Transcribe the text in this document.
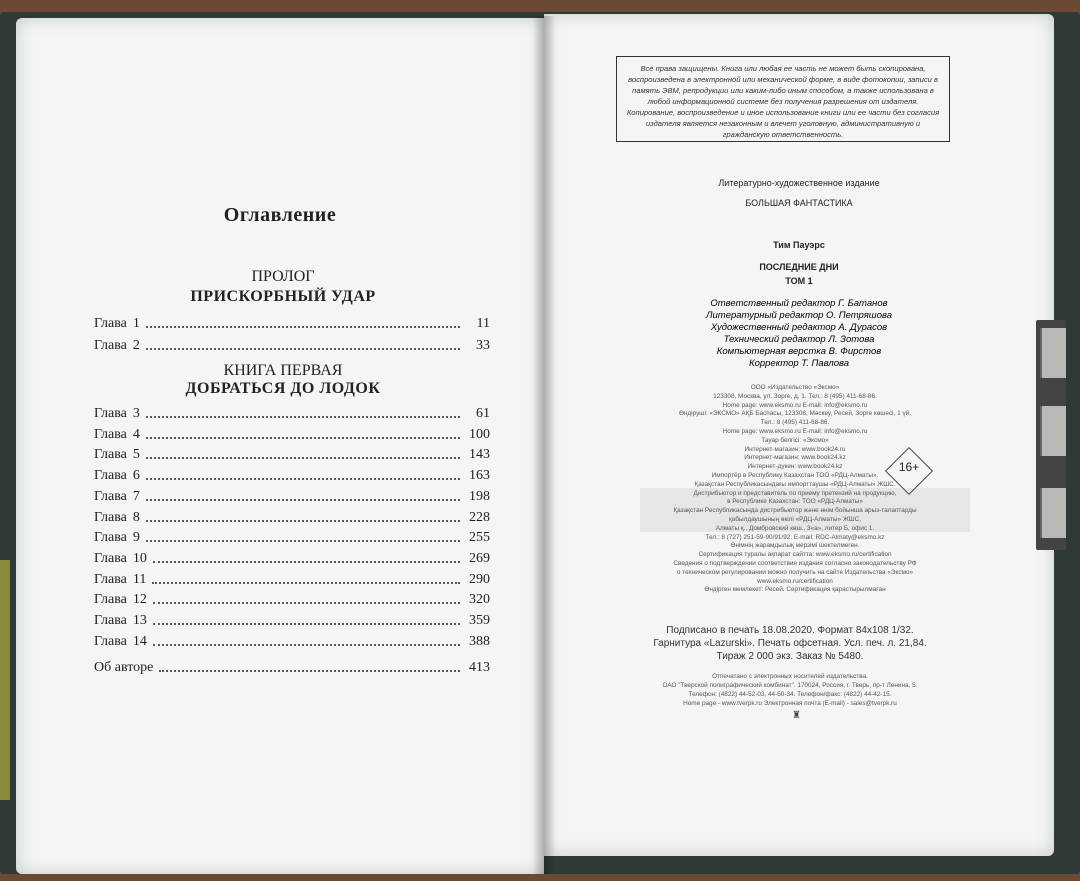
Оглавление
ПРОЛОГ
ПРИСКОРБНЫЙ УДАР
Глава 1	11
Глава 2	33
КНИГА ПЕРВАЯ
ДОБРАТЬСЯ ДО ЛОДОК
Глава 3	61
Глава 4	100
Глава 5	143
Глава 6	163
Глава 7	198
Глава 8	228
Глава 9	255
Глава 10	269
Глава 11	290
Глава 12	320
Глава 13	359
Глава 14	388
Об авторе	413
Все права защищены. Книга или любая ее часть не может быть скопирована, воспроизведена в электронной или механической форме, в виде фотокопии, записи в память ЭВМ, репродукции или каким-либо иным способом, а также использована в любой информационной системе без получения разрешения от издателя. Копирование, воспроизведение и иное использование книги или ее части без согласия издателя является незаконным и влечет уголовную, административную и гражданскую ответственность.
Литературно-художественное издание
БОЛЬШАЯ ФАНТАСТИКА
Тим Пауэрс
ПОСЛЕДНИЕ ДНИ
ТОМ 1
Ответственный редактор Г. Батанов
Литературный редактор О. Петряшова
Художественный редактор А. Дурасов
Технический редактор Л. Зотова
Компьютерная верстка В. Фирстов
Корректор Т. Павлова
ООО «Издательство «Эксмо»
123308, Москва, ул. Зорге, д. 1. Тел.: 8 (495) 411-68-86.
Home page: www.eksmo.ru E-mail: info@eksmo.ru
Өндіруші: «ЭКСМО» АҚБ Баспасы, 123308, Мәскеу, Ресей, Зорге көшесі, 1 үй.
Тел.: 8 (495) 411-68-86.
Home page: www.eksmo.ru E-mail: info@eksmo.ru
Тауар белгісі: «Эксмо»
Интернет-магазин: www.book24.ru
Интернет-магазин: www.book24.kz
Интернет-дүкен: www.book24.kz
Импортёр в Республику Казахстан ТОО «РДЦ-Алматы».
Қазақстан Республикасындағы импорттаушы «РДЦ-Алматы» ЖШС.
Дистрибьютор и представитель по приему претензий на продукцию,
в Республике Казахстан: ТОО «РДЦ-Алматы»
Қазақстан Республикасында дистрибьютор және өнім бойынша арыз-талаптарды
қабылдаушының өкілі «РДЦ-Алматы» ЖШС,
Алматы қ., Домбровский көш., 3«а», литер Б, офис 1.
Тел.: 8 (727) 251-59-90/91/92. E-mail: RDC-Almaty@eksmo.kz
Өнімнің жарамдылық мерзімі шектелмеген.
Сертификация туралы ақпарат сайтта: www.eksmo.ru/certification
Сведения о подтверждении соответствия издания согласно законодательству РФ
о техническом регулировании можно получить на сайте Издательства «Эксмо»
www.eksmo.ru/certification
Өндірген мемлекет: Ресей. Сертификация қарастырылмаған
16+
Подписано в печать 18.08.2020. Формат 84x108 1/32.
Гарнитура «Lazurski». Печать офсетная. Усл. печ. л. 21,84.
Тираж 2 000 экз. Заказ № 5480.
Отпечатано с электронных носителей издательства.
ОАО "Тверской полиграфический комбинат". 170024, Россия, г. Тверь, пр-т Ленина, 5.
Телефон: (4822) 44-52-03, 44-50-34. Телефон/факс: (4822) 44-42-15.
Home page - www.tverpk.ru Электронная почта (E-mail) - sales@tverpk.ru
♜
